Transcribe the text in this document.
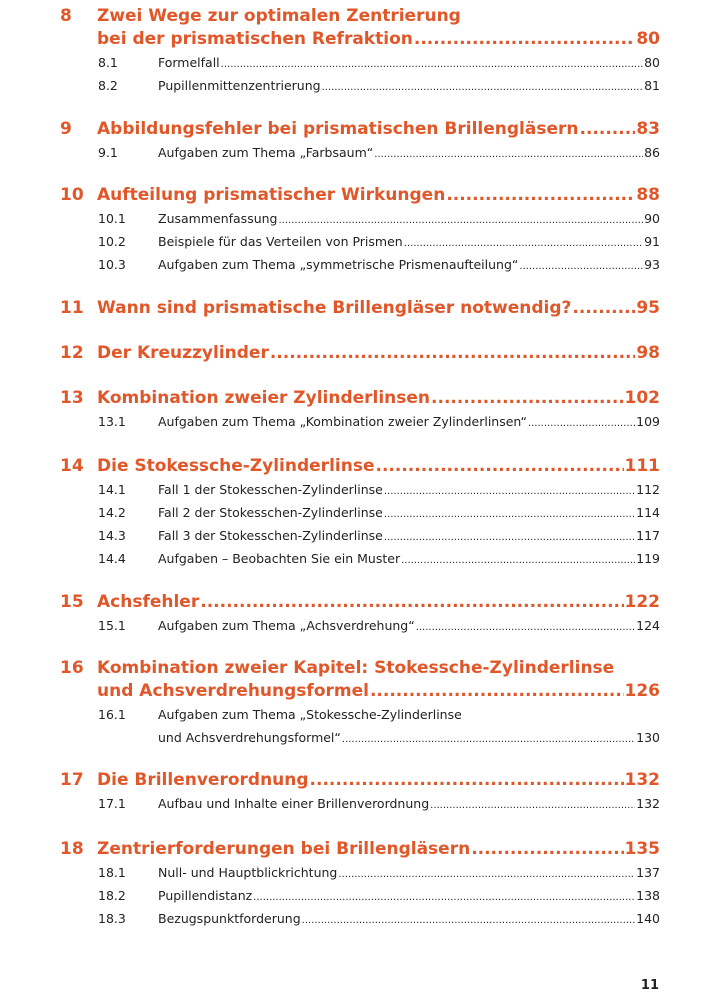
8	Zwei Wege zur optimalen Zentrierung
bei der prismatischen Refraktion .....	80
8.1	Formelfall .....	80
8.2	Pupillenmittenzentrierung .....	81
9	Abbildungsfehler bei prismatischen Brillengläsern .....	83
9.1	Aufgaben zum Thema „Farbsaum“ .....	86
10 Aufteilung prismatischer Wirkungen .....	88
10.1	Zusammenfassung .....	90
10.2	Beispiele für das Verteilen von Prismen .....	91
10.3	Aufgaben zum Thema „symmetrische Prismenaufteilung“ .....	93
11 Wann sind prismatische Brillengläser notwendig? .....	95
12 Der Kreuzzylinder .....	98
13 Kombination zweier Zylinderlinsen .....	102
13.1	Aufgaben zum Thema „Kombination zweier Zylinderlinsen“ .....	109
14 Die Stokessche-Zylinderlinse .....	111
14.1	Fall 1 der Stokesschen-Zylinderlinse .....	112
14.2	Fall 2 der Stokesschen-Zylinderlinse .....	114
14.3	Fall 3 der Stokesschen-Zylinderlinse .....	117
14.4	Aufgaben – Beobachten Sie ein Muster .....	119
15 Achsfehler .....	122
15.1	Aufgaben zum Thema „Achsverdrehung“ .....	124
16 Kombination zweier Kapitel: Stokessche-Zylinderlinse
und Achsverdrehungsformel .....	126
16.1	Aufgaben zum Thema „Stokessche-Zylinderlinse
und Achsverdrehungsformel“ .....	130
17 Die Brillenverordnung .....	132
17.1	Aufbau und Inhalte einer Brillenverordnung .....	132
18 Zentrierforderungen bei Brillengläsern .....	135
18.1	Null- und Hauptblickrichtung .....	137
18.2	Pupillendistanz .....	138
18.3	Bezugspunktforderung .....	140
11
